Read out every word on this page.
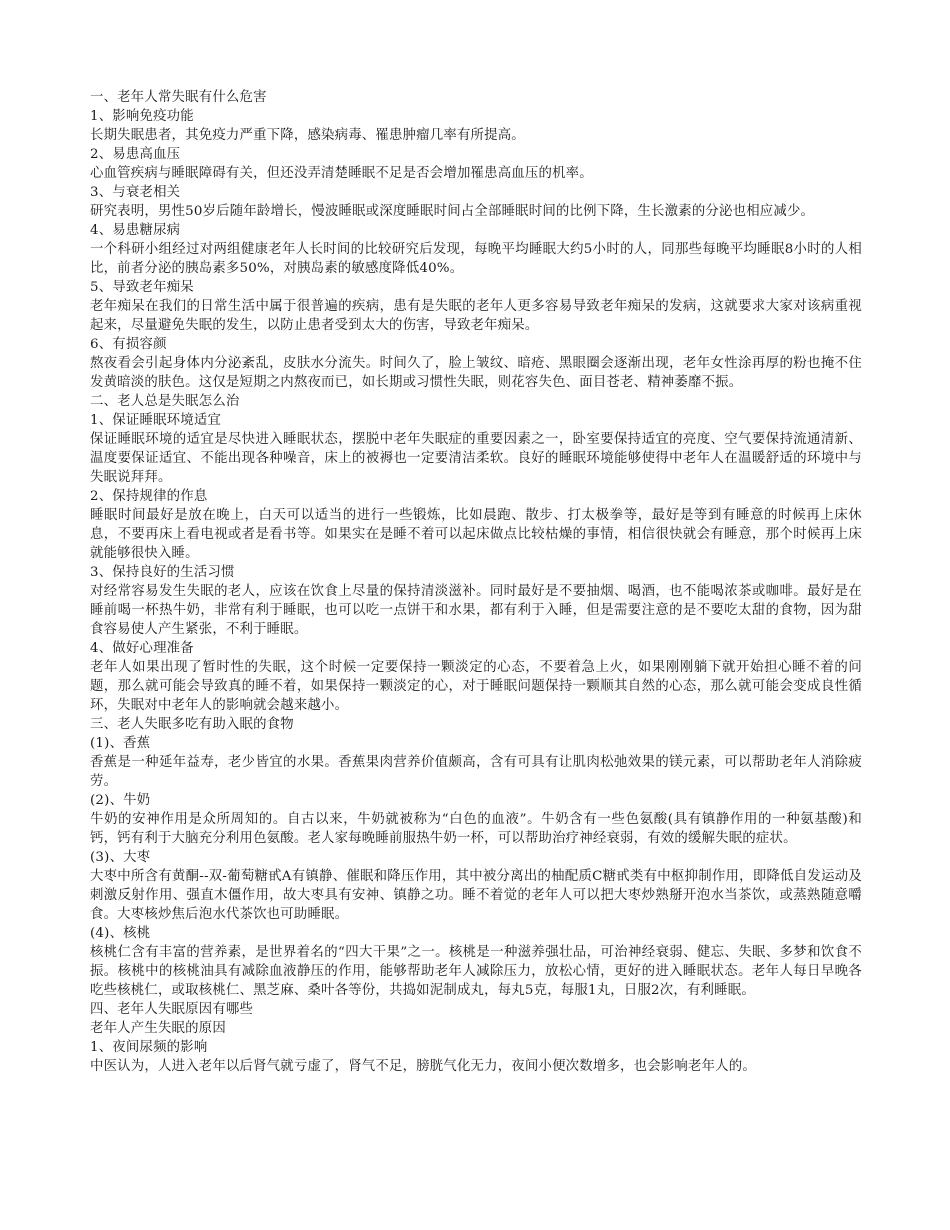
一、老年人常失眠有什么危害

1、影响免疫功能

长期失眠患者，其免疫力严重下降，感染病毒、罹患肿瘤几率有所提高。

2、易患高血压

心血管疾病与睡眠障碍有关，但还没弄清楚睡眠不足是否会增加罹患高血压的机率。

3、与衰老相关

研究表明，男性50岁后随年龄增长，慢波睡眠或深度睡眠时间占全部睡眠时间的比例下降，生长激素的分泌也相应减少。

4、易患糖尿病

一个科研小组经过对两组健康老年人长时间的比较研究后发现，每晚平均睡眠大约5小时的人，同那些每晚平均睡眠8小时的人相比，前者分泌的胰岛素多50%，对胰岛素的敏感度降低40%。

5、导致老年痴呆

老年痴呆在我们的日常生活中属于很普遍的疾病，患有是失眠的老年人更多容易导致老年痴呆的发病，这就要求大家对该病重视起来，尽量避免失眠的发生，以防止患者受到太大的伤害，导致老年痴呆。

6、有损容颜

熬夜看会引起身体内分泌紊乱，皮肤水分流失。时间久了，脸上皱纹、暗疮、黑眼圈会逐渐出现，老年女性涂再厚的粉也掩不住发黄暗淡的肤色。这仅是短期之内熬夜而已，如长期或习惯性失眠，则花容失色、面目苍老、精神萎靡不振。

二、老人总是失眠怎么治

1、保证睡眠环境适宜

保证睡眠环境的适宜是尽快进入睡眠状态，摆脱中老年失眠症的重要因素之一，卧室要保持适宜的亮度、空气要保持流通清新、温度要保证适宜、不能出现各种噪音，床上的被褥也一定要清洁柔软。良好的睡眠环境能够使得中老年人在温暖舒适的环境中与失眠说拜拜。

2、保持规律的作息

睡眠时间最好是放在晚上，白天可以适当的进行一些锻炼，比如晨跑、散步、打太极拳等，最好是等到有睡意的时候再上床休息，不要再床上看电视或者是看书等。如果实在是睡不着可以起床做点比较枯燥的事情，相信很快就会有睡意，那个时候再上床就能够很快入睡。

3、保持良好的生活习惯

对经常容易发生失眠的老人，应该在饮食上尽量的保持清淡滋补。同时最好是不要抽烟、喝酒，也不能喝浓茶或咖啡。最好是在睡前喝一杯热牛奶，非常有利于睡眠，也可以吃一点饼干和水果，都有利于入睡，但是需要注意的是不要吃太甜的食物，因为甜食容易使人产生紧张，不利于睡眠。

4、做好心理准备

老年人如果出现了暂时性的失眠，这个时候一定要保持一颗淡定的心态，不要着急上火，如果刚刚躺下就开始担心睡不着的问题，那么就可能会导致真的睡不着，如果保持一颗淡定的心，对于睡眠问题保持一颗顺其自然的心态，那么就可能会变成良性循环，失眠对中老年人的影响就会越来越小。

三、老人失眠多吃有助入眠的食物

(1)、香蕉

香蕉是一种延年益寿，老少皆宜的水果。香蕉果肉营养价值颇高，含有可具有让肌肉松弛效果的镁元素，可以帮助老年人消除疲劳。

(2)、牛奶

牛奶的安神作用是众所周知的。自古以来，牛奶就被称为“白色的血液”。牛奶含有一些色氨酸(具有镇静作用的一种氨基酸)和钙，钙有利于大脑充分利用色氨酸。老人家每晚睡前服热牛奶一杯，可以帮助治疗神经衰弱，有效的缓解失眠的症状。

(3)、大枣

大枣中所含有黄酮--双-葡萄糖甙A有镇静、催眠和降压作用，其中被分离出的柚配质C糖甙类有中枢抑制作用，即降低自发运动及刺激反射作用、强直木僵作用，故大枣具有安神、镇静之功。睡不着觉的老年人可以把大枣炒熟掰开泡水当茶饮，或蒸熟随意嚼食。大枣核炒焦后泡水代茶饮也可助睡眠。

(4)、核桃

核桃仁含有丰富的营养素，是世界着名的“四大干果”之一。核桃是一种滋养强壮品，可治神经衰弱、健忘、失眠、多梦和饮食不振。核桃中的核桃油具有减除血液静压的作用，能够帮助老年人减除压力，放松心情，更好的进入睡眠状态。老年人每日早晚各吃些核桃仁，或取核桃仁、黑芝麻、桑叶各等份，共捣如泥制成丸，每丸5克，每服1丸，日服2次，有利睡眠。

四、老年人失眠原因有哪些

老年人产生失眠的原因

1、夜间尿频的影响

中医认为，人进入老年以后肾气就亏虚了，肾气不足，膀胱气化无力，夜间小便次数增多，也会影响老年人的。
